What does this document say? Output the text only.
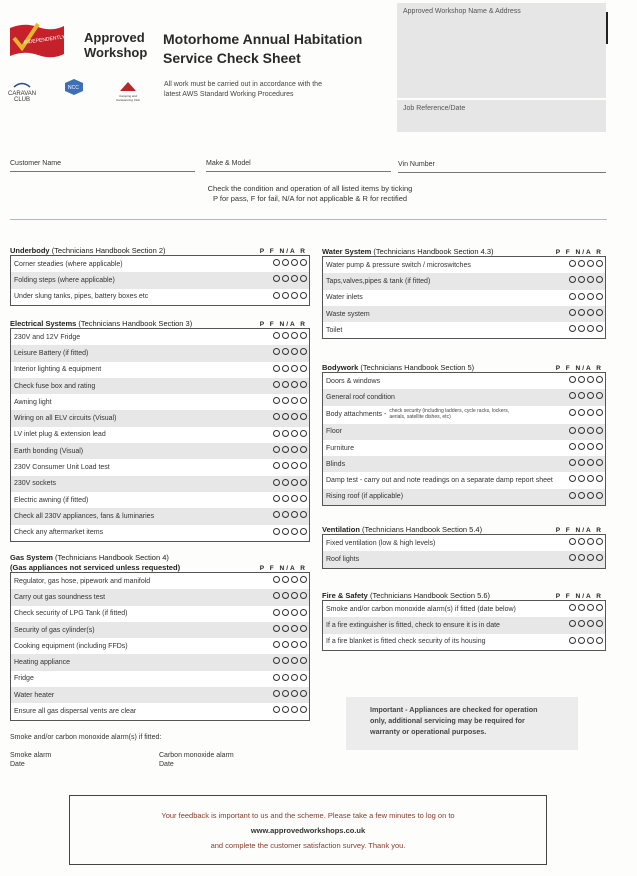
INDEPENDENTLY ASSESSED
Approved
Workshop
CARAVAN CLUB
NCC
Camping and Caravanning Club
Motorhome Annual Habitation
Service Check Sheet
All work must be carried out in accordance with the
latest AWS Standard Working Procedures
Approved Workshop Name & Address
Job Reference/Date
Customer Name	Make & Model	Vin Number
Check the condition and operation of all listed items by ticking
P for pass, F for fail, N/A for not applicable & R for rectified
Underbody (Technicians Handbook Section 2)	P F N/A R
Corner steadies (where applicable)
Folding steps (where applicable)
Under slung tanks, pipes, battery boxes etc
Electrical Systems (Technicians Handbook Section 3)	P F N/A R
230V and 12V Fridge
Leisure Battery (if fitted)
Interior lighting & equipment
Check fuse box and rating
Awning light
Wiring on all ELV circuits (Visual)
LV inlet plug & extension lead
Earth bonding (Visual)
230V Consumer Unit Load test
230V sockets
Electric awning (if fitted)
Check all 230V appliances, fans & luminaries
Check any aftermarket items
Gas System (Technicians Handbook Section 4)
(Gas appliances not serviced unless requested)	P F N/A R
Regulator, gas hose, pipework and manifold
Carry out gas soundness test
Check security of LPG Tank (if fitted)
Security of gas cylinder(s)
Cooking equipment (including FFDs)
Heating appliance
Fridge
Water heater
Ensure all gas dispersal vents are clear
Smoke and/or carbon monoxide alarm(s) if fitted:
Smoke alarm
Date
Carbon monoxide alarm
Date
Water System (Technicians Handbook Section 4.3)	P F N/A R
Water pump & pressure switch / microswitches
Taps,valves,pipes & tank (if fitted)
Water inlets
Waste system
Toilet
Bodywork (Technicians Handbook Section 5)	P F N/A R
Doors & windows
General roof condition
Body attachments - check security (including ladders, cycle racks, lockers, aerials, satellite dishes, etc)
Floor
Furniture
Blinds
Damp test - carry out and note readings on a separate damp report sheet
Rising roof (if applicable)
Ventilation (Technicians Handbook Section 5.4)	P F N/A R
Fixed ventilation (low & high levels)
Roof lights
Fire & Safety (Technicians Handbook Section 5.6)	P F N/A R
Smoke and/or carbon monoxide alarm(s) if fitted (date below)
If a fire extinguisher is fitted, check to ensure it is in date
If a fire blanket is fitted check security of its housing
Important - Appliances are checked for operation
only, additional servicing may be required for
warranty or operational purposes.
Your feedback is important to us and the scheme. Please take a few minutes to log on to
www.approvedworkshops.co.uk
and complete the customer satisfaction survey. Thank you.
